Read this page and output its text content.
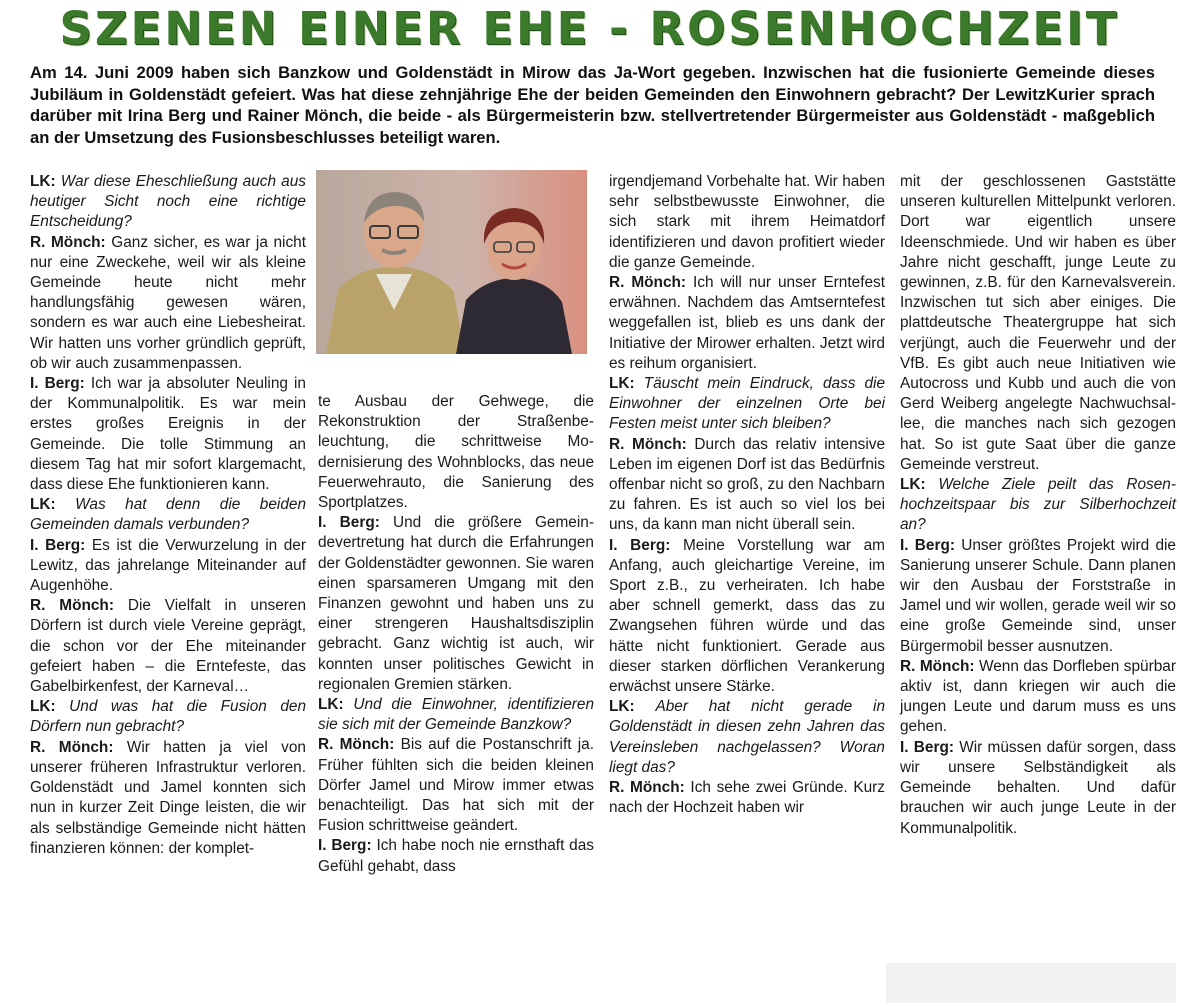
SZENEN EINER EHE - ROSENHOCHZEIT
Am 14. Juni 2009 haben sich Banzkow und Goldenstädt in Mirow das Ja-Wort gegeben. Inzwischen hat die fusionierte Gemeinde dieses Jubiläum in Goldenstädt gefeiert. Was hat diese zehnjährige Ehe der beiden Gemeinden den Einwohnern gebracht? Der LewitzKurier sprach darüber mit Irina Berg und Rainer Mönch, die beide - als Bürgermeisterin bzw. stellvertretender Bürgermeister aus Goldenstädt - maßgeblich an der Umsetzung des Fusionsbeschlusses beteiligt waren.

LK: War diese Eheschließung auch aus heutiger Sicht noch eine richtige Entscheidung?

R. Mönch: Ganz sicher, es war ja nicht nur eine Zweckehe, weil wir als kleine Gemeinde heute nicht mehr handlungsfähig gewesen wären, sondern es war auch eine Liebesheirat. Wir hatten uns vorher gründlich geprüft, ob wir auch zusammenpassen.

I. Berg: Ich war ja absoluter Neuling in der Kommunalpolitik. Es war mein erstes großes Ereignis in der Gemeinde. Die tolle Stimmung an diesem Tag hat mir sofort klargemacht, dass diese Ehe funktionieren kann.

LK: Was hat denn die beiden Gemeinden damals verbunden?

I. Berg: Es ist die Verwurzelung in der Lewitz, das jahrelange Miteinander auf Augenhöhe.

R. Mönch: Die Vielfalt in unseren Dörfern ist durch viele Vereine geprägt, die schon vor der Ehe miteinander gefeiert haben – die Erntefeste, das Gabelbirkenfest, der Karneval…

LK: Und was hat die Fusion den Dörfern nun gebracht?

R. Mönch: Wir hatten ja viel von unserer früheren Infrastruktur verloren. Goldenstädt und Jamel konnten sich nun in kurzer Zeit Dinge leisten, die wir als selbständige Gemeinde nicht hätten finanzieren können: der komplet-

te Ausbau der Gehwege, die Rekonstruktion der Straßenbeleuchtung, die schrittweise Modernisierung des Wohnblocks, das neue Feuerwehrauto, die Sanierung des Sportplatzes.

I. Berg: Und die größere Gemeindevertretung hat durch die Erfahrungen der Goldenstädter gewonnen. Sie waren einen sparsameren Umgang mit den Finanzen gewohnt und haben uns zu einer strengeren Haushaltsdisziplin gebracht. Ganz wichtig ist auch, wir konnten unser politisches Gewicht in regionalen Gremien stärken.

LK: Und die Einwohner, identifizieren sie sich mit der Gemeinde Banzkow?

R. Mönch: Bis auf die Postanschrift ja. Früher fühlten sich die beiden kleinen Dörfer Jamel und Mirow immer etwas benachteiligt. Das hat sich mit der Fusion schrittweise geändert.

I. Berg: Ich habe noch nie ernsthaft das Gefühl gehabt, dass

irgendjemand Vorbehalte hat. Wir haben sehr selbstbewusste Einwohner, die sich stark mit ihrem Heimatdorf identifizieren und davon profitiert wieder die ganze Gemeinde.

R. Mönch: Ich will nur unser Erntefest erwähnen. Nachdem das Amtserntefest weggefallen ist, blieb es uns dank der Initiative der Mirower erhalten. Jetzt wird es reihum organisiert.

LK: Täuscht mein Eindruck, dass die Einwohner der einzelnen Orte bei Festen meist unter sich bleiben?

R. Mönch: Durch das relativ intensive Leben im eigenen Dorf ist das Bedürfnis offenbar nicht so groß, zu den Nachbarn zu fahren. Es ist auch so viel los bei uns, da kann man nicht überall sein.

I. Berg: Meine Vorstellung war am Anfang, auch gleichartige Vereine, im Sport z.B., zu verheiraten. Ich habe aber schnell gemerkt, dass das zu Zwangsehen führen würde und das hätte nicht funktioniert. Gerade aus dieser starken dörflichen Verankerung erwächst unsere Stärke.

LK: Aber hat nicht gerade in Goldenstädt in diesen zehn Jahren das Vereinsleben nachgelassen? Woran liegt das?

R. Mönch: Ich sehe zwei Gründe. Kurz nach der Hochzeit haben wir

mit der geschlossenen Gaststätte unseren kulturellen Mittelpunkt verloren. Dort war eigentlich unsere Ideenschmiede. Und wir haben es über Jahre nicht geschafft, junge Leute zu gewinnen, z.B. für den Karnevalsverein. Inzwischen tut sich aber einiges. Die plattdeutsche Theatergruppe hat sich verjüngt, auch die Feuerwehr und der VfB. Es gibt auch neue Initiativen wie Autocross und Kubb und auch die von Gerd Weiberg angelegte Nachwuchsallee, die manches nach sich gezogen hat. So ist gute Saat über die ganze Gemeinde verstreut.

LK: Welche Ziele peilt das Rosenhochzeitspaar bis zur Silberhochzeit an?

I. Berg: Unser größtes Projekt wird die Sanierung unserer Schule. Dann planen wir den Ausbau der Forststraße in Jamel und wir wollen, gerade weil wir so eine große Gemeinde sind, unser Bürgermobil besser ausnutzen.

R. Mönch: Wenn das Dorfleben spürbar aktiv ist, dann kriegen wir auch die jungen Leute und darum muss es uns gehen.

I. Berg: Wir müssen dafür sorgen, dass wir unsere Selbständigkeit als Gemeinde behalten. Und dafür brauchen wir auch junge Leute in der Kommunalpolitik.
